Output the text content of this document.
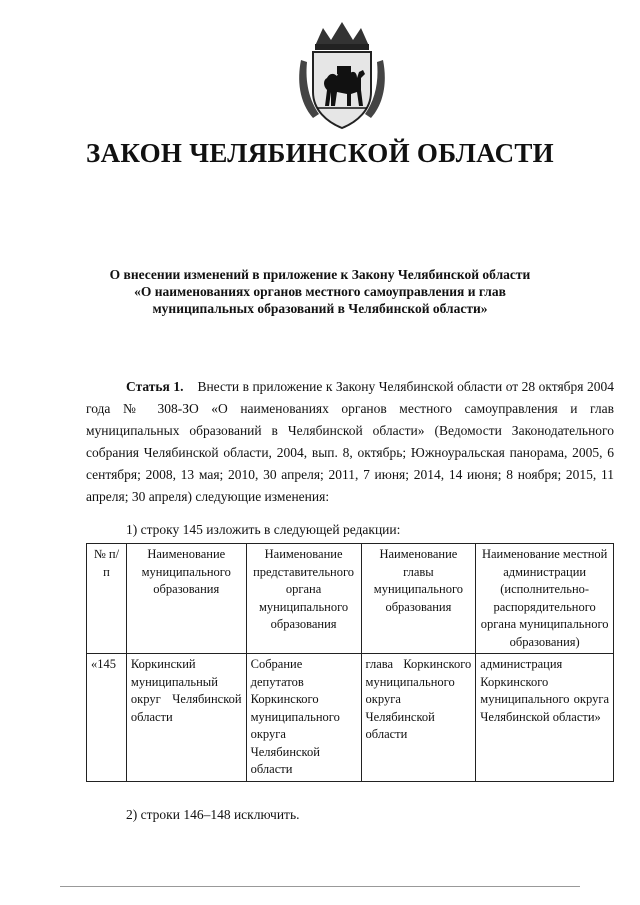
ЗАКОН ЧЕЛЯБИНСКОЙ ОБЛАСТИ
О внесении изменений в приложение к Закону Челябинской области
«О наименованиях органов местного самоуправления и глав
муниципальных образований в Челябинской области»
Статья 1. Внести в приложение к Закону Челябинской области от 28 октября 2004 года № 308-ЗО «О наименованиях органов местного самоуправления и глав муниципальных образований в Челябинской области» (Ведомости Законодательного собрания Челябинской области, 2004, вып. 8, октябрь; Южноуральская панорама, 2005, 6 сентября; 2008, 13 мая; 2010, 30 апреля; 2011, 7 июня; 2014, 14 июня; 8 ноября; 2015, 11 апреля; 30 апреля) следующие изменения:
1) строку 145 изложить в следующей редакции:
№ п/п	Наименование муниципального образования	Наименование представительного органа муниципального образования	Наименование главы муниципального образования	Наименование местной администрации (исполнительно-распорядительного органа муниципального образования)
«145	Коркинский муниципальный округ Челябинской области	Собрание депутатов Коркинского муниципального округа Челябинской области	глава Коркинского муниципального округа Челябинской области	администрация Коркинского муниципального округа Челябинской области»
2) строки 146–148 исключить.
